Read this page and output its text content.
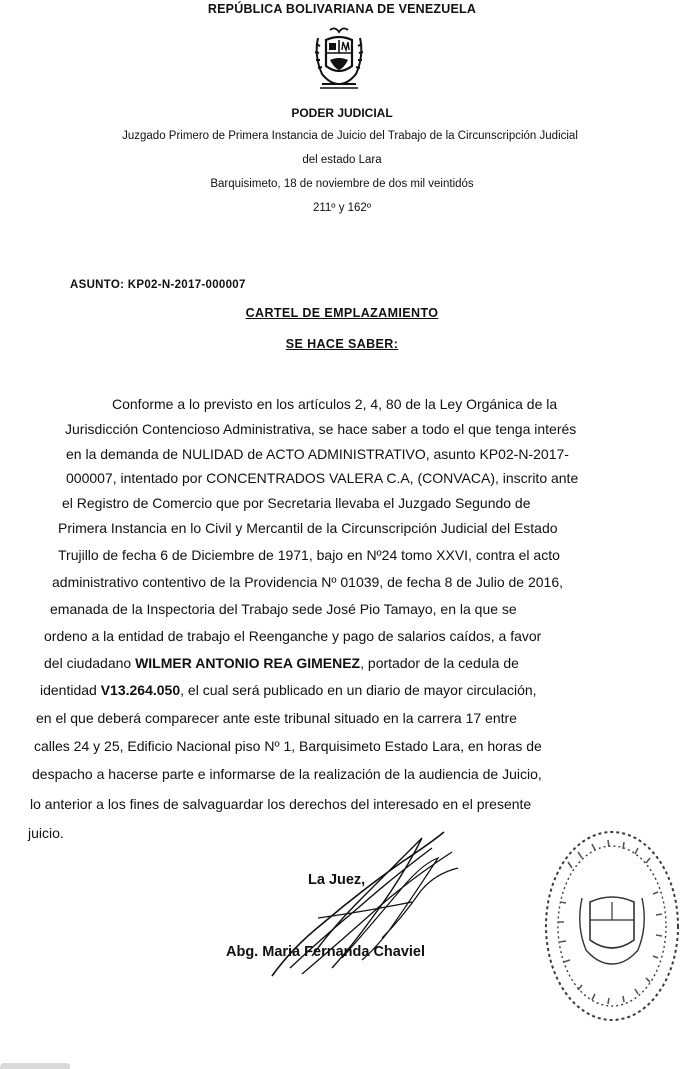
REPÚBLICA BOLIVARIANA DE VENEZUELA
PODER JUDICIAL
Juzgado Primero de Primera Instancia de Juicio del Trabajo de la Circunscripción Judicial
del estado Lara
Barquisimeto, 18 de noviembre de dos mil veintidós
211º y 162º
ASUNTO: KP02-N-2017-000007
CARTEL DE EMPLAZAMIENTO
SE HACE SABER:
Conforme a lo previsto en los artículos 2, 4, 80 de la Ley Orgánica de la
Jurisdicción Contencioso Administrativa, se hace saber a todo el que tenga interés
en la demanda de NULIDAD de ACTO ADMINISTRATIVO, asunto KP02-N-2017-
000007, intentado por CONCENTRADOS VALERA C.A, (CONVACA), inscrito ante
el Registro de Comercio que por Secretaria llevaba el Juzgado Segundo de
Primera Instancia en lo Civil y Mercantil de la Circunscripción Judicial del Estado
Trujillo de fecha 6 de Diciembre de 1971, bajo en Nº24 tomo XXVI, contra el acto
administrativo contentivo de la Providencia Nº 01039, de fecha 8 de Julio de 2016,
emanada de la Inspectoria del Trabajo sede José Pio Tamayo, en la que se
ordeno a la entidad de trabajo el Reenganche y pago de salarios caídos, a favor
del ciudadano WILMER ANTONIO REA GIMENEZ, portador de la cedula de
identidad V13.264.050, el cual será publicado en un diario de mayor circulación,
en el que deberá comparecer ante este tribunal situado en la carrera 17 entre
calles 24 y 25, Edificio Nacional piso Nº 1, Barquisimeto Estado Lara, en horas de
despacho a hacerse parte e informarse de la realización de la audiencia de Juicio,
lo anterior a los fines de salvaguardar los derechos del interesado en el presente
juicio.
La Juez,
Abg. Maria Fernanda Chaviel
